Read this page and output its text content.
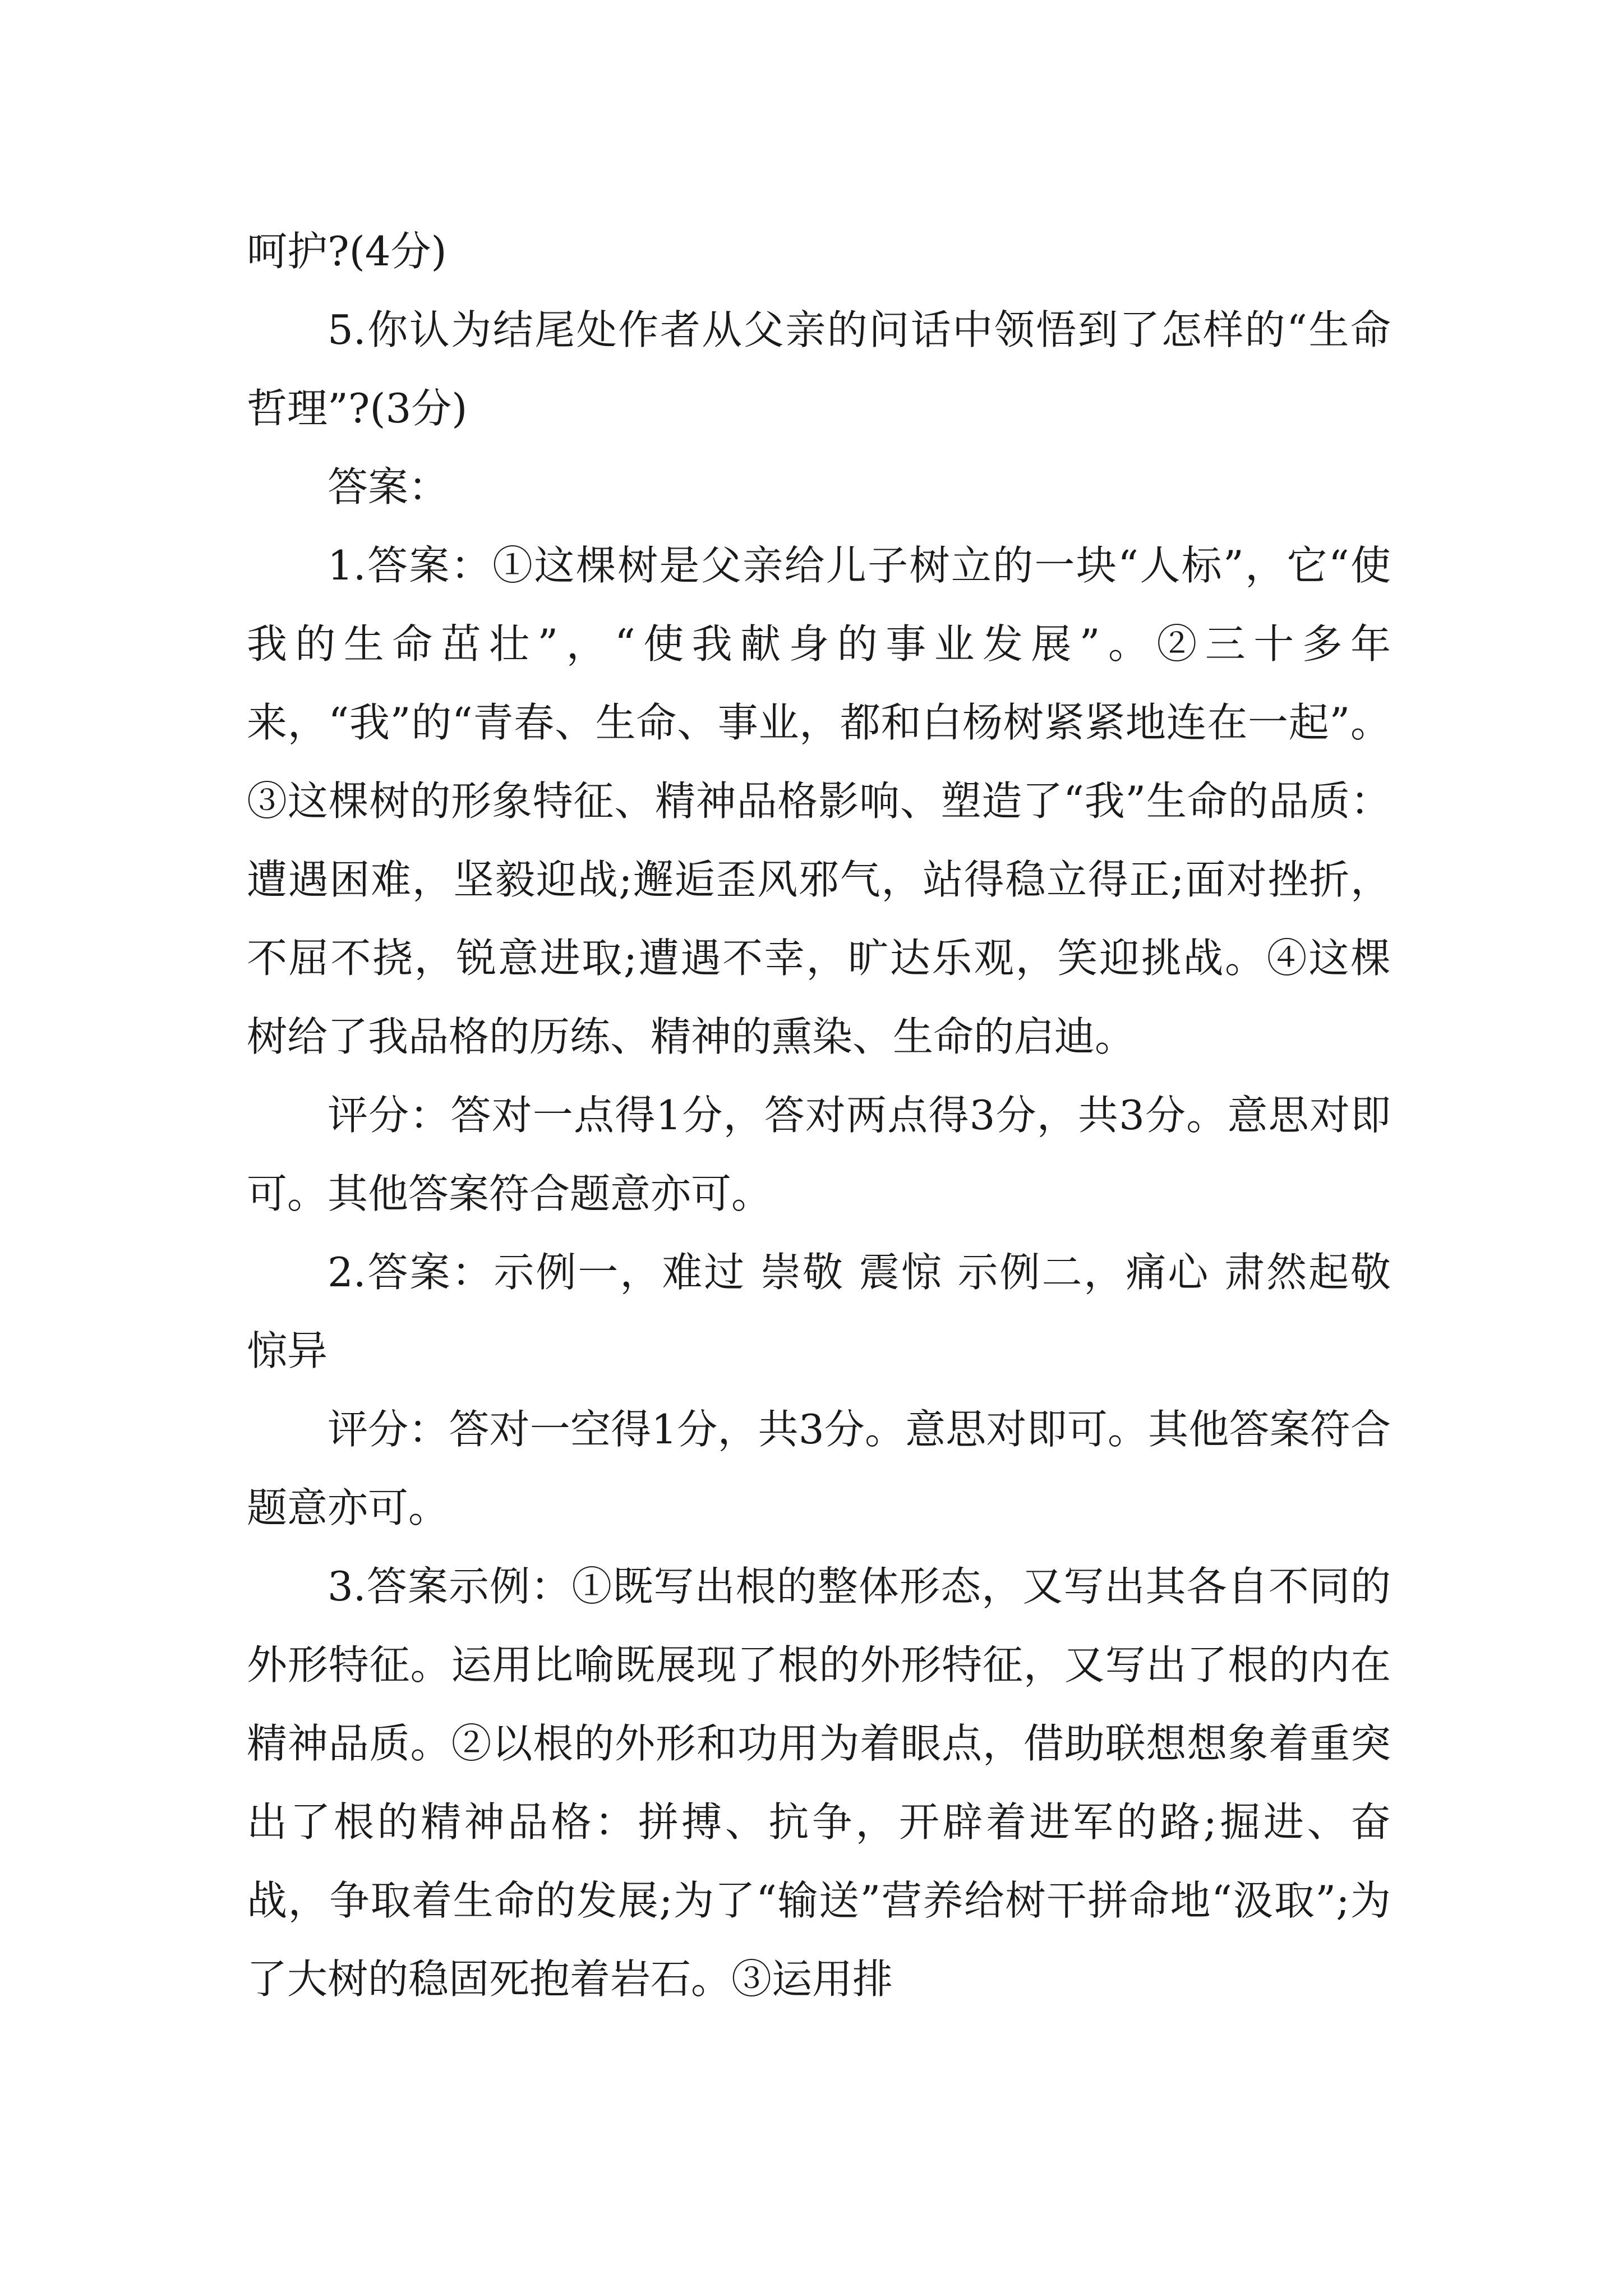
呵护?(4分)

5.你认为结尾处作者从父亲的问话中领悟到了怎样的“生命哲理”?(3分)

答案：

1.答案：①这棵树是父亲给儿子树立的一块“人标”，它“使我的生命茁壮”，“使我献身的事业发展”。②三十多年来，“我”的“青春、生命、事业，都和白杨树紧紧地连在一起”。③这棵树的形象特征、精神品格影响、塑造了“我”生命的品质：遭遇困难，坚毅迎战;邂逅歪风邪气，站得稳立得正;面对挫折，不屈不挠，锐意进取;遭遇不幸，旷达乐观，笑迎挑战。④这棵树给了我品格的历练、精神的熏染、生命的启迪。

评分：答对一点得1分，答对两点得3分，共3分。意思对即可。其他答案符合题意亦可。

2.答案：示例一，难过 崇敬 震惊 示例二，痛心 肃然起敬 惊异

评分：答对一空得1分，共3分。意思对即可。其他答案符合题意亦可。

3.答案示例：①既写出根的整体形态，又写出其各自不同的外形特征。运用比喻既展现了根的外形特征，又写出了根的内在精神品质。②以根的外形和功用为着眼点，借助联想想象着重突出了根的精神品格：拼搏、抗争，开辟着进军的路;掘进、奋战，争取着生命的发展;为了“输送”营养给树干拼命地“汲取”;为了大树的稳固死抱着岩石。③运用排
